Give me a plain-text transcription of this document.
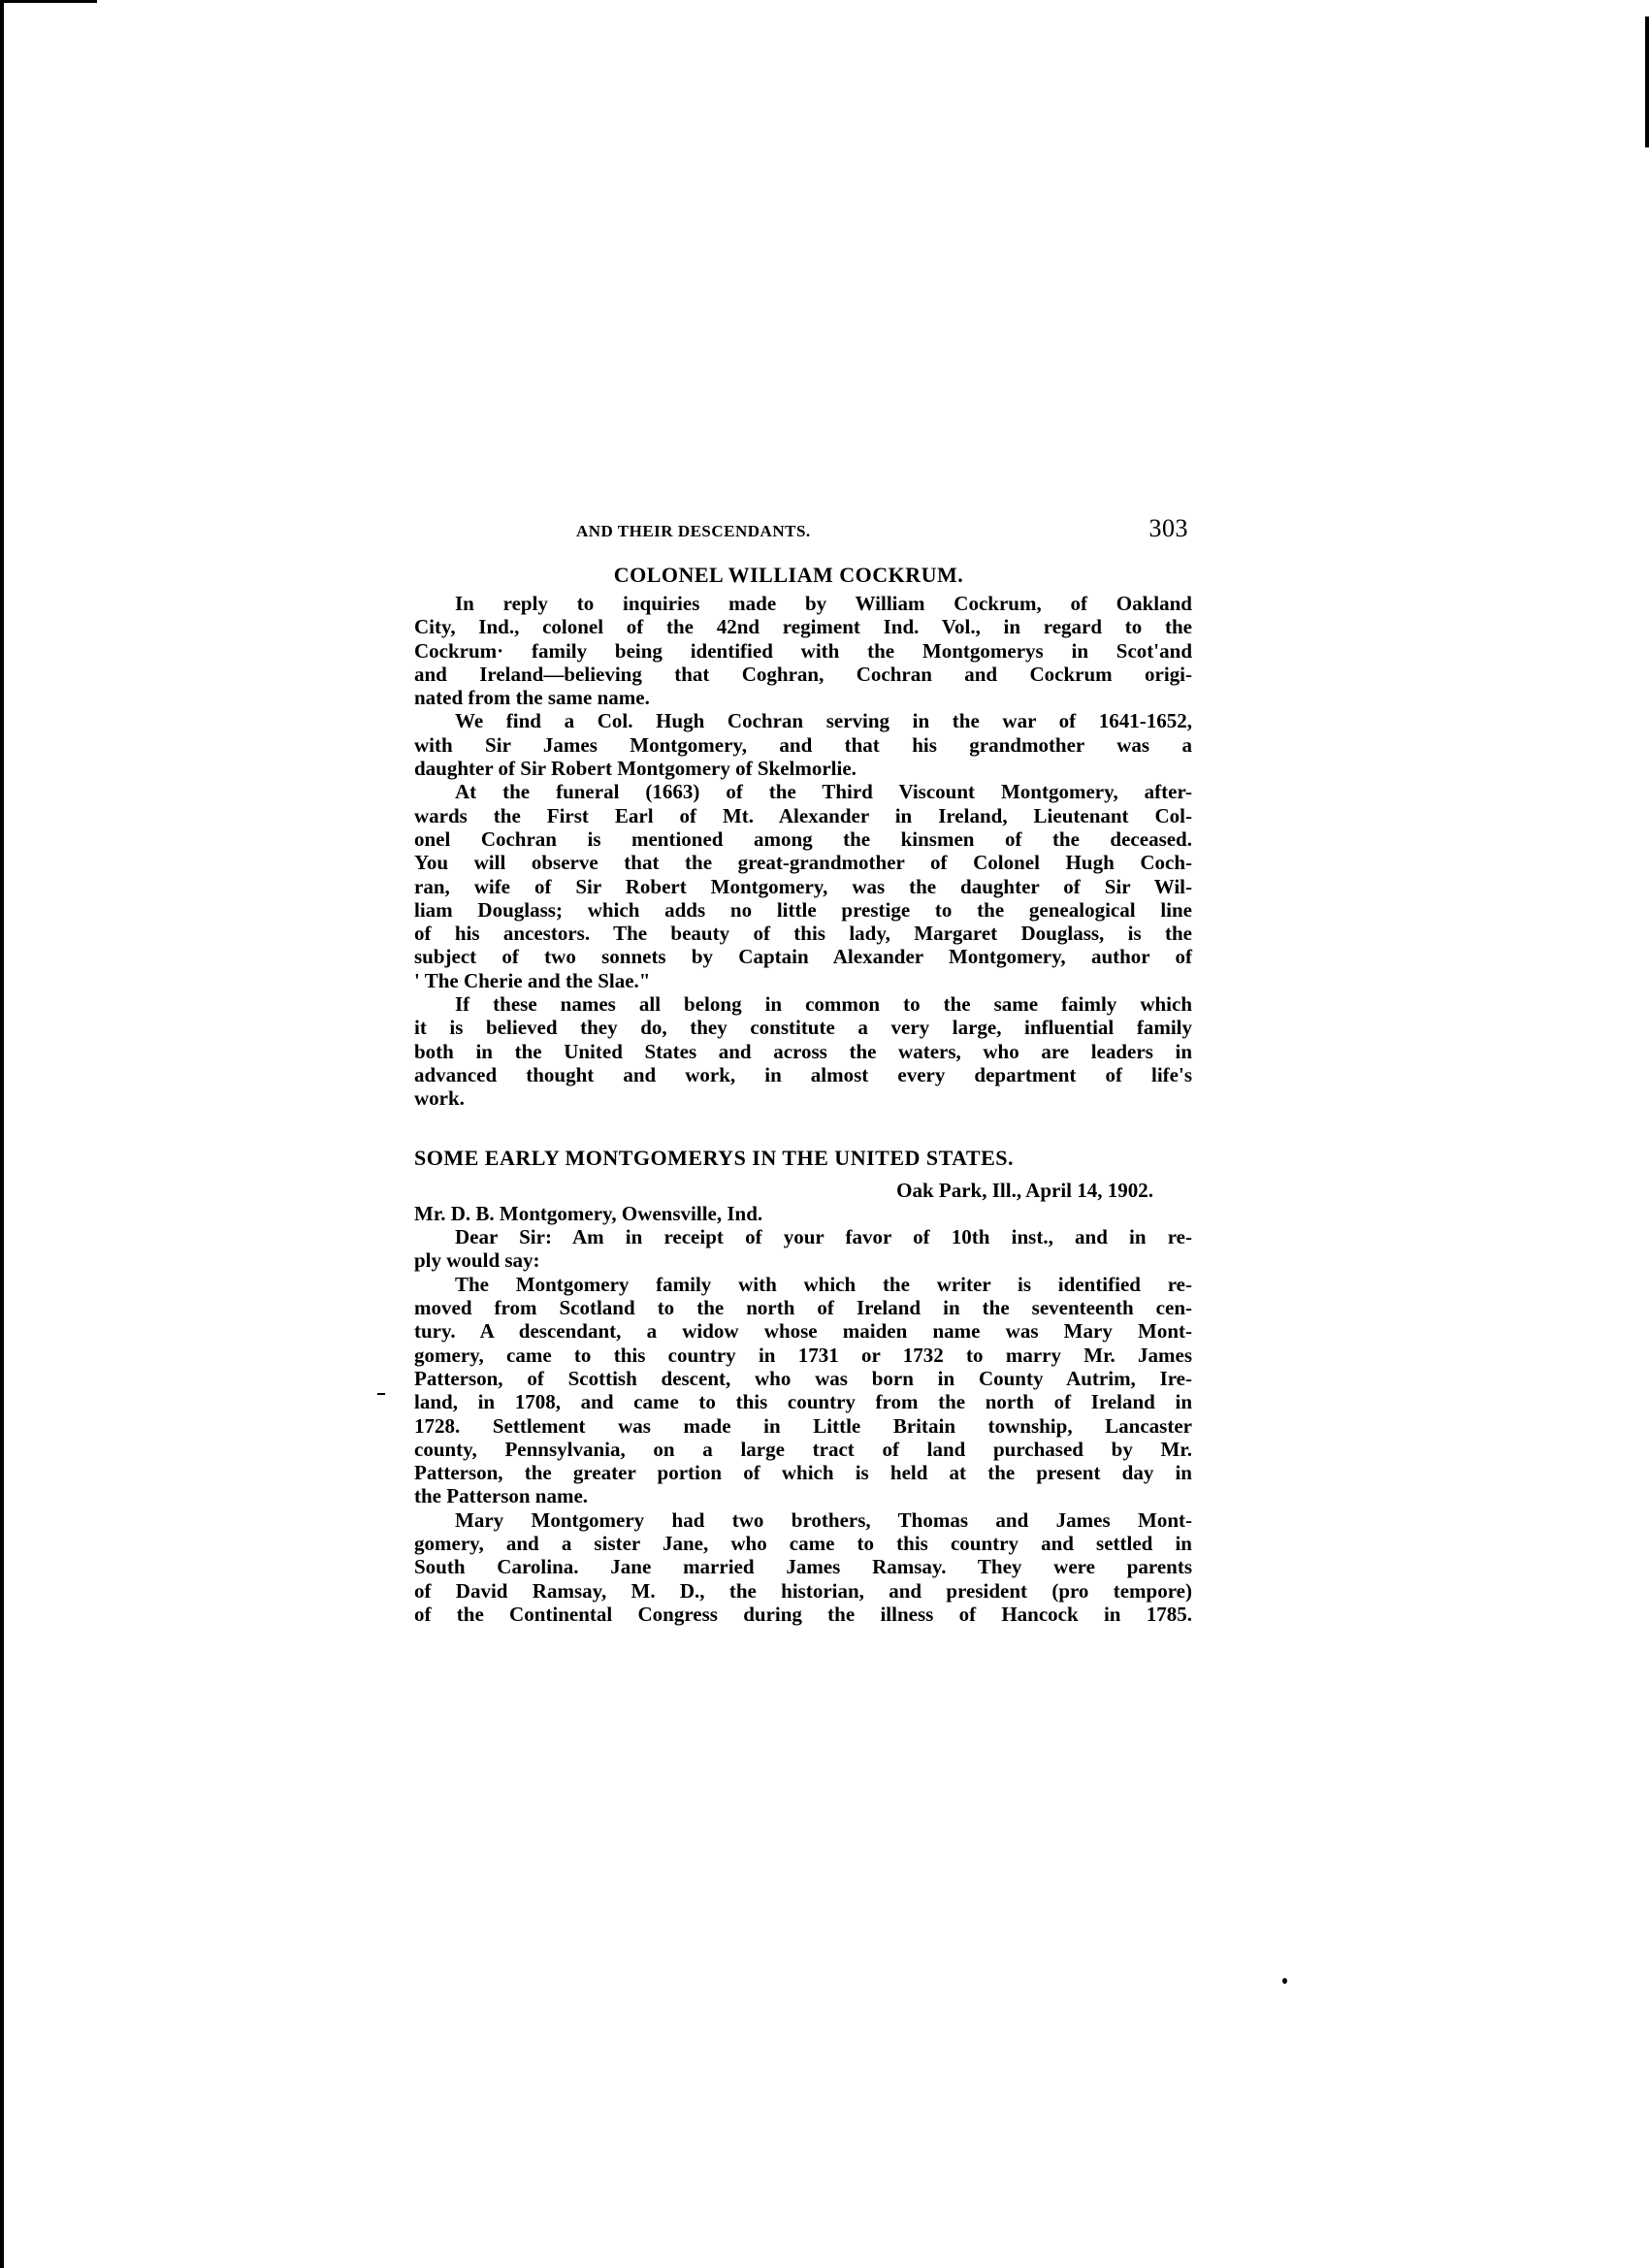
AND THEIR DESCENDANTS.	303
COLONEL WILLIAM COCKRUM.

In reply to inquiries made by William Cockrum, of Oakland
City, Ind., colonel of the 42nd regiment Ind. Vol., in regard to the
Cockrum· family being identified with the Montgomerys in Scot'and
and Ireland—believing that Coghran, Cochran and Cockrum origi-
nated from the same name.

We find a Col. Hugh Cochran serving in the war of 1641-1652,
with Sir James Montgomery, and that his grandmother was a
daughter of Sir Robert Montgomery of Skelmorlie.

At the funeral (1663) of the Third Viscount Montgomery, after-
wards the First Earl of Mt. Alexander in Ireland, Lieutenant Col-
onel Cochran is mentioned among the kinsmen of the deceased.
You will observe that the great-grandmother of Colonel Hugh Coch-
ran, wife of Sir Robert Montgomery, was the daughter of Sir Wil-
liam Douglass; which adds no little prestige to the genealogical line
of his ancestors. The beauty of this lady, Margaret Douglass, is the
subject of two sonnets by Captain Alexander Montgomery, author of
' The Cherie and the Slae."

If these names all belong in common to the same faimly which
it is believed they do, they constitute a very large, influential family
both in the United States and across the waters, who are leaders in
advanced thought and work, in almost every department of life's
work.

SOME EARLY MONTGOMERYS IN THE UNITED STATES.

Oak Park, Ill., April 14, 1902.

Mr. D. B. Montgomery, Owensville, Ind.

Dear Sir: Am in receipt of your favor of 10th inst., and in re-
ply would say:

The Montgomery family with which the writer is identified re-
moved from Scotland to the north of Ireland in the seventeenth cen-
tury. A descendant, a widow whose maiden name was Mary Mont-
gomery, came to this country in 1731 or 1732 to marry Mr. James
Patterson, of Scottish descent, who was born in County Autrim, Ire-
land, in 1708, and came to this country from the north of Ireland in
1728. Settlement was made in Little Britain township, Lancaster
county, Pennsylvania, on a large tract of land purchased by Mr.
Patterson, the greater portion of which is held at the present day in
the Patterson name.

Mary Montgomery had two brothers, Thomas and James Mont-
gomery, and a sister Jane, who came to this country and settled in
South Carolina. Jane married James Ramsay. They were parents
of David Ramsay, M. D., the historian, and president (pro tempore)
of the Continental Congress during the illness of Hancock in 1785.
